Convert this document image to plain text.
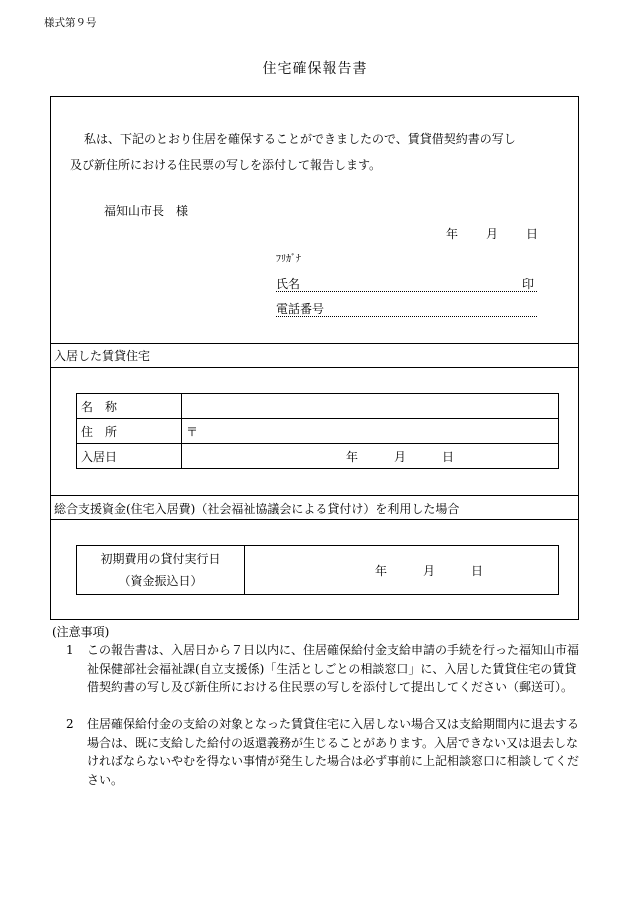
様式第９号
住宅確保報告書
私は、下記のとおり住居を確保することができましたので、賃貸借契約書の写し
及び新住所における住民票の写しを添付して報告します。
福知山市長　様
年 月 日
ﾌﾘｶﾞﾅ
氏名	印
電話番号
入居した賃貸住宅
名　称	
住　所	〒
入居日	年　　　月　　　日
総合支援資金(住宅入居費)（社会福祉協議会による貸付け）を利用した場合
初期費用の貸付実行日
（資金振込日）
	年　　　月　　　日
(注意事項)
1 この報告書は、入居日から７日以内に、住居確保給付金支給申請の手続を行った福知山市福祉保健部社会福祉課(自立支援係)「生活としごとの相談窓口」に、入居した賃貸住宅の賃貸借契約書の写し及び新住所における住民票の写しを添付して提出してください（郵送可）。
2 住居確保給付金の支給の対象となった賃貸住宅に入居しない場合又は支給期間内に退去する場合は、既に支給した給付の返還義務が生じることがあります。入居できない又は退去しなければならないやむを得ない事情が発生した場合は必ず事前に上記相談窓口に相談してください。
